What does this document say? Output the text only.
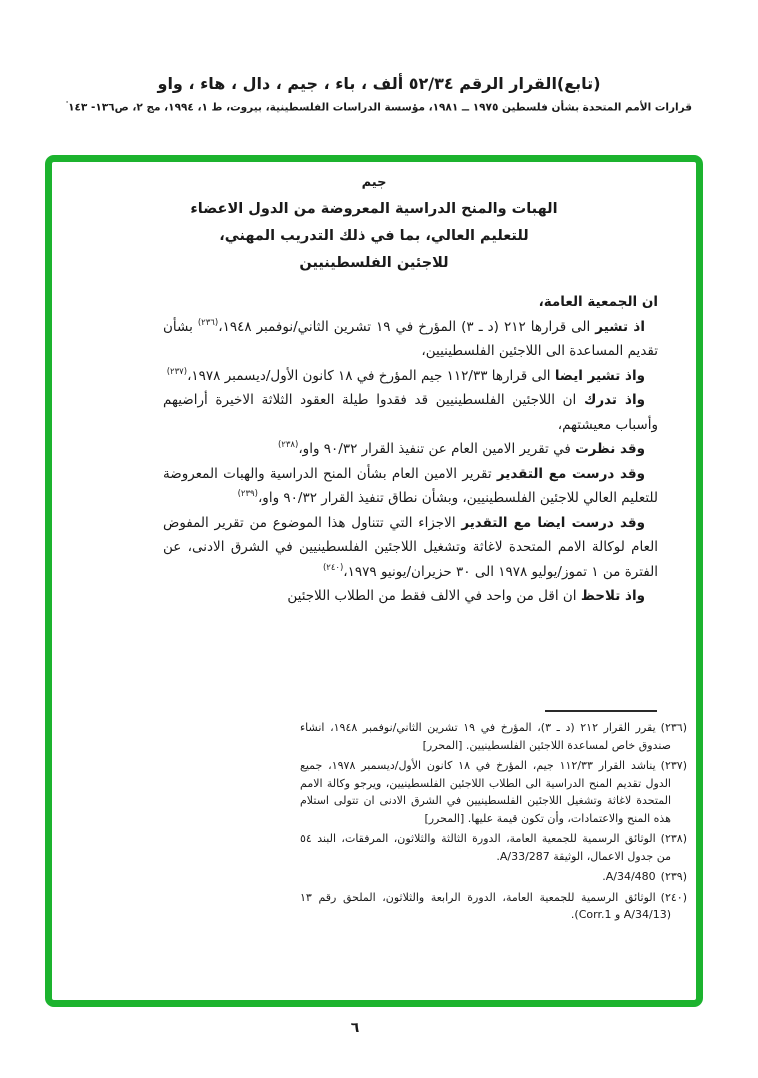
(تابع)القرار الرقم ٥٢/٣٤ ألف ، باء ، جيم ، دال ، هاء ، واو
قرارات الأمم المتحدة بشأن فلسطين ١٩٧٥ ــ ١٩٨١، مؤسسة الدراسات الفلسطينية، بيروت، ط ١، ١٩٩٤، مج ٢، ص١٣٦- ١٤٣'
جيم
الهبات والمنح الدراسية المعروضة من الدول الاعضاء
للتعليم العالي، بما في ذلك التدريب المهني،
للاجئين الفلسطينيين

ان الجمعية العامة،

اذ تشير الى قرارها ٢١٢ (د ـ ٣) المؤرخ في ١٩ تشرين الثاني/نوفمبر ١٩٤٨،$^{(٢٣٦)}$ بشأن تقديم المساعدة الى اللاجئين الفلسطينيين،

واذ تشير ايضا الى قرارها ١١٢/٣٣ جيم المؤرخ في ١٨ كانون الأول/ديسمبر ١٩٧٨،$^{(٢٣٧)}$

واذ تدرك ان اللاجئين الفلسطينيين قد فقدوا طيلة العقود الثلاثة الاخيرة أراضيهم وأسباب معيشتهم،

وقد نظرت في تقرير الامين العام عن تنفيذ القرار ٩٠/٣٢ واو،$^{(٢٣٨)}$

وقد درست مع التقدير تقرير الامين العام بشأن المنح الدراسية والهبات المعروضة للتعليم العالي للاجئين الفلسطينيين، وبشأن نطاق تنفيذ القرار ٩٠/٣٢ واو،$^{(٢٣٩)}$

وقد درست ايضا مع التقدير الاجزاء التي تتناول هذا الموضوع من تقرير المفوض العام لوكالة الامم المتحدة لاغاثة وتشغيل اللاجئين الفلسطينيين في الشرق الادنى، عن الفترة من ١ تموز/يوليو ١٩٧٨ الى ٣٠ حزيران/يونيو ١٩٧٩،$^{(٢٤٠)}$

واذ تلاحظ ان اقل من واحد في الالف فقط من الطلاب اللاجئين

(٢٣٦)يقرر القرار ٢١٢ (د ـ ٣)، المؤرخ في ١٩ تشرين الثاني/نوفمبر ١٩٤٨، انشاء صندوق خاص لمساعدة اللاجئين الفلسطينيين. [المحرر]
(٢٣٧)يناشد القرار ١١٢/٣٣ جيم، المؤرخ في ١٨ كانون الأول/ديسمبر ١٩٧٨، جميع الدول تقديم المنح الدراسية الى الطلاب اللاجئين الفلسطينيين، ويرجو وكالة الامم المتحدة لاغاثة وتشغيل اللاجئين الفلسطينيين في الشرق الادنى ان تتولى استلام هذه المنح والاعتمادات، وأن تكون قيمة عليها. [المحرر]
(٢٣٨)الوثائق الرسمية للجمعية العامة، الدورة الثالثة والثلاثون، المرفقات، البند ٥٤ من جدول الاعمال، الوثيقة A/33/287.
(٢٣٩)A/34/480.
(٢٤٠)الوثائق الرسمية للجمعية العامة، الدورة الرابعة والثلاثون، الملحق رقم ١٣ (A/34/13 و Corr.1).
٦
